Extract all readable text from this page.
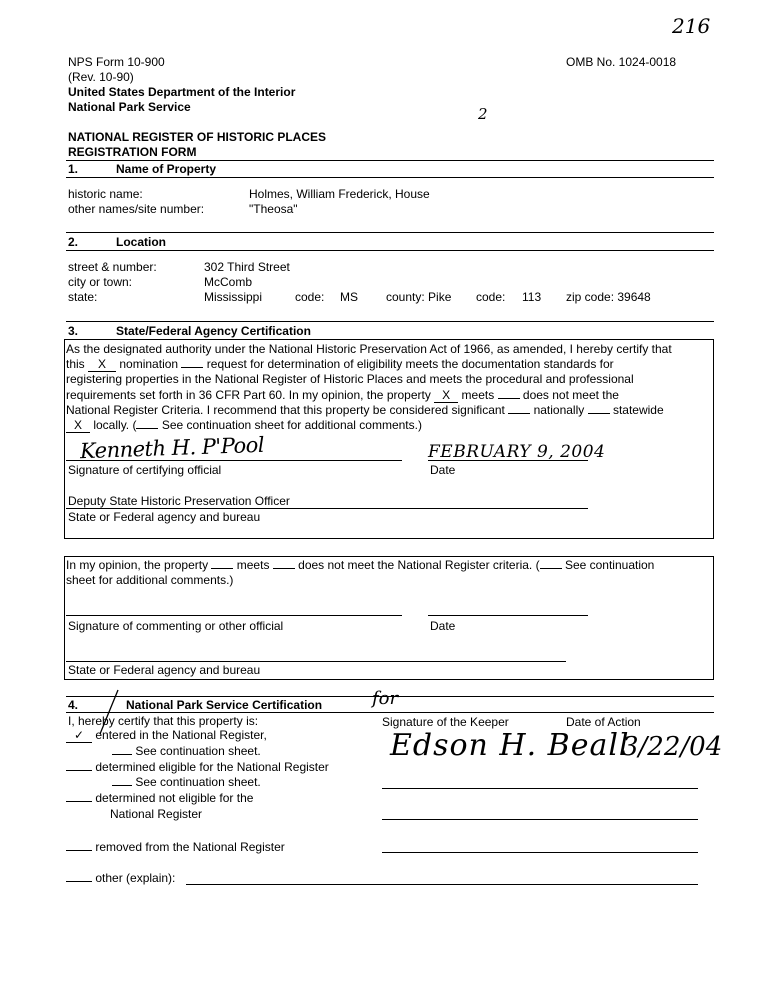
216
NPS Form 10-900
(Rev. 10-90)
United States Department of the Interior
National Park Service
OMB No. 1024-0018
2
NATIONAL REGISTER OF HISTORIC PLACES
REGISTRATION FORM
1.	Name of Property
historic name:	Holmes, William Frederick, House
other names/site number:	"Theosa"
2.	Location
street & number:	302 Third Street
city or town:	McComb
state:	Mississippi	code: MS county: Pike code: 113 zip code: 39648
3.	State/Federal Agency Certification
As the designated authority under the National Historic Preservation Act of 1966, as amended, I hereby certify that
this X nomination request for determination of eligibility meets the documentation standards for
registering properties in the National Register of Historic Places and meets the procedural and professional
requirements set forth in 36 CFR Part 60. In my opinion, the property X meets does not meet the
National Register Criteria. I recommend that this property be considered significant nationally statewide
X locally. ( See continuation sheet for additional comments.)
Kenneth H. P'Pool	FEBRUARY 9, 2004
Signature of certifying official	Date
Deputy State Historic Preservation Officer
State or Federal agency and bureau
In my opinion, the property meets does not meet the National Register criteria. ( See continuation
sheet for additional comments.)
Signature of commenting or other official	Date
State or Federal agency and bureau
4.	National Park Service Certification
I, hereby certify that this property is:
✓ entered in the National Register,
See continuation sheet.
determined eligible for the National Register
See continuation sheet.
determined not eligible for the
National Register
removed from the National Register
other (explain):
for
Signature of the Keeper	Date of Action
Edson H. Beall
3/22/04
